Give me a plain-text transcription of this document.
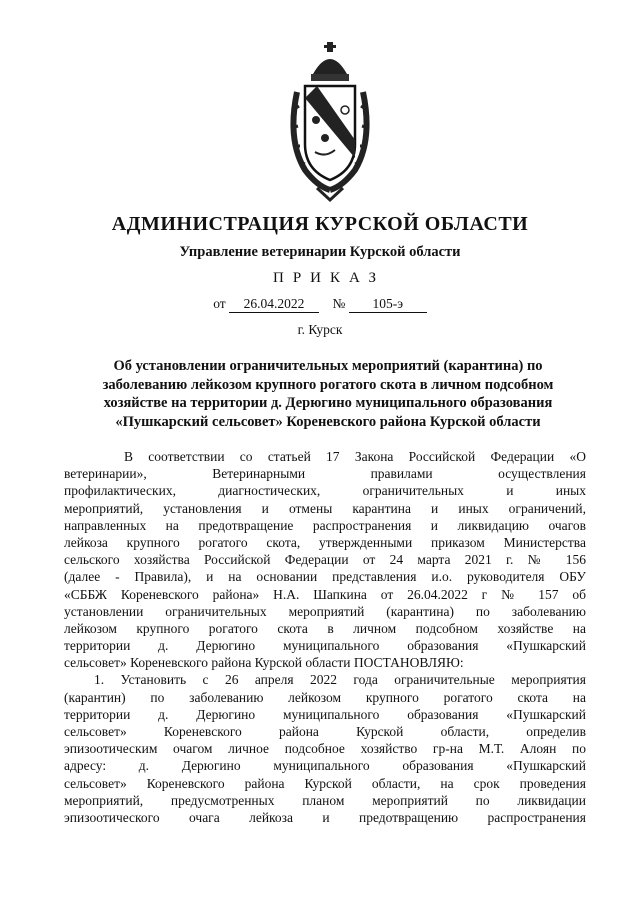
АДМИНИСТРАЦИЯ КУРСКОЙ ОБЛАСТИ
Управление ветеринарии Курской области
ПРИКАЗ
от 26.04.2022 № 105-э
г. Курск
Об установлении ограничительных мероприятий (карантина) по
заболеванию лейкозом крупного рогатого скота в личном подсобном
хозяйстве на территории д. Дерюгино муниципального образования
«Пушкарский сельсовет» Кореневского района Курской области
В соответствии со статьей 17 Закона Российской Федерации «О
ветеринарии», Ветеринарными правилами осуществления
профилактических, диагностических, ограничительных и иных
мероприятий, установления и отмены карантина и иных ограничений,
направленных на предотвращение распространения и ликвидацию очагов
лейкоза крупного рогатого скота, утвержденными приказом Министерства
сельского хозяйства Российской Федерации от 24 марта 2021 г. № 156
(далее - Правила), и на основании представления и.о. руководителя ОБУ
«СББЖ Кореневского района» Н.А. Шапкина от 26.04.2022 г № 157 об
установлении ограничительных мероприятий (карантина) по заболеванию
лейкозом крупного рогатого скота в личном подсобном хозяйстве на
территории д. Дерюгино муниципального образования «Пушкарский
сельсовет» Кореневского района Курской области ПОСТАНОВЛЯЮ:
1. Установить с 26 апреля 2022 года ограничительные мероприятия
(карантин) по заболеванию лейкозом крупного рогатого скота на
территории д. Дерюгино муниципального образования «Пушкарский
сельсовет» Кореневского района Курской области, определив
эпизоотическим очагом личное подсобное хозяйство гр-на М.Т. Алоян по
адресу: д. Дерюгино муниципального образования «Пушкарский
сельсовет» Кореневского района Курской области, на срок проведения
мероприятий, предусмотренных планом мероприятий по ликвидации
эпизоотического очага лейкоза и предотвращению распространения
